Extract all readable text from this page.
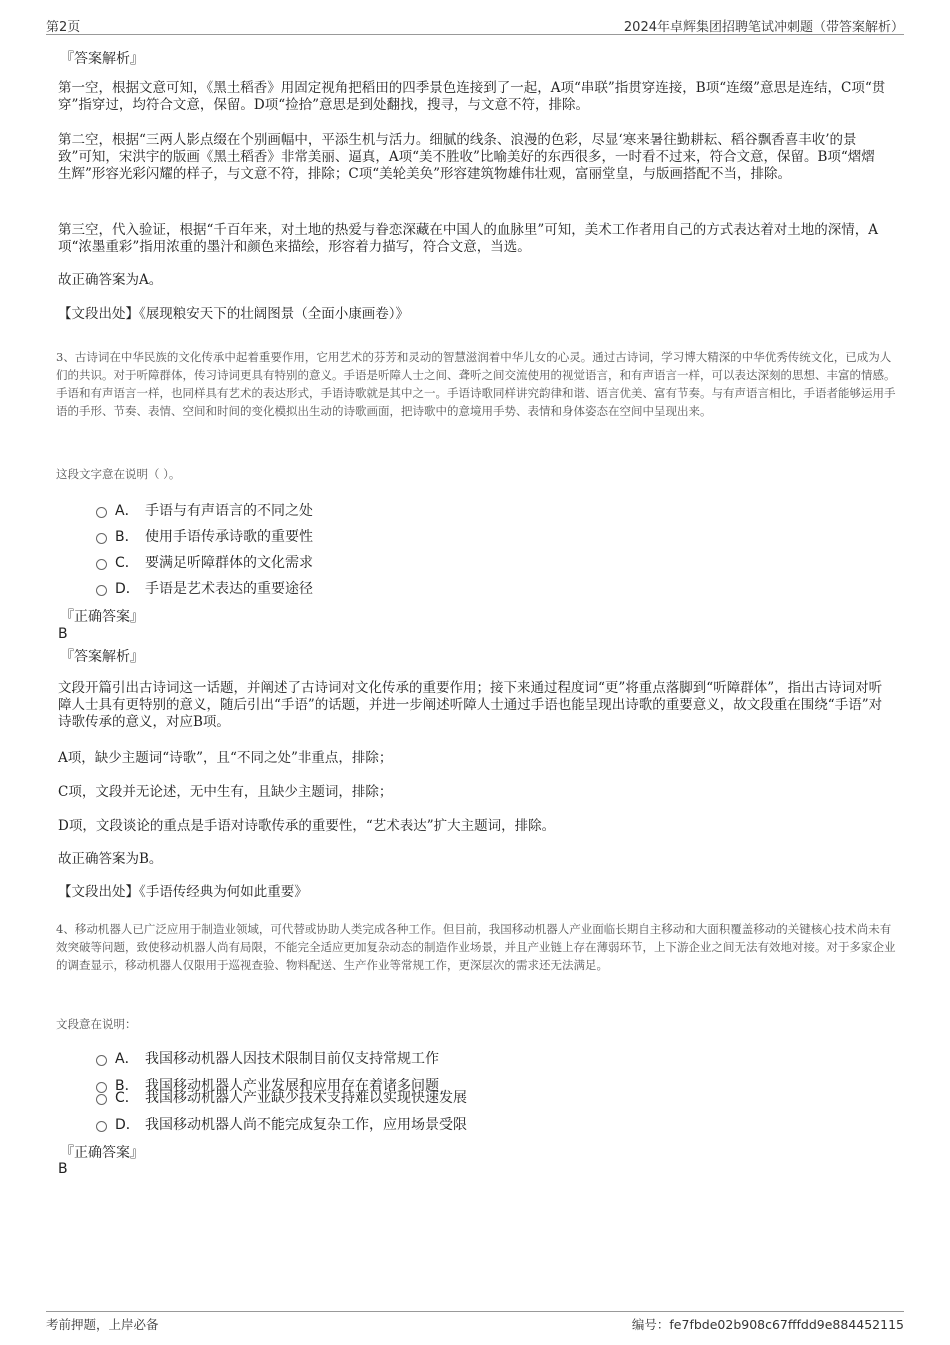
第2页	2024年卓辉集团招聘笔试冲刺题（带答案解析）
『答案解析』

第一空，根据文意可知，《黑土稻香》用固定视角把稻田的四季景色连接到了一起，A项“串联”指贯穿连接，B项“连缀”意思是连结，C项“贯穿”指穿过，均符合文意，保留。D项“捡拾”意思是到处翻找，搜寻，与文意不符，排除。

第二空，根据“三两人影点缀在个别画幅中，平添生机与活力。细腻的线条、浪漫的色彩，尽显‘寒来暑往勤耕耘、稻谷飘香喜丰收’的景致”可知，宋洪宇的版画《黑土稻香》非常美丽、逼真，A项“美不胜收”比喻美好的东西很多，一时看不过来，符合文意，保留。B项“熠熠生辉”形容光彩闪耀的样子，与文意不符，排除；C项“美轮美奂”形容建筑物雄伟壮观，富丽堂皇，与版画搭配不当，排除。

第三空，代入验证，根据“千百年来，对土地的热爱与眷恋深藏在中国人的血脉里”可知，美术工作者用自己的方式表达着对土地的深情，A项“浓墨重彩”指用浓重的墨汁和颜色来描绘，形容着力描写，符合文意，当选。

故正确答案为A。

【文段出处】《展现粮安天下的壮阔图景（全面小康画卷）》

3、古诗词在中华民族的文化传承中起着重要作用，它用艺术的芬芳和灵动的智慧滋润着中华儿女的心灵。通过古诗词，学习博大精深的中华优秀传统文化，已成为人们的共识。对于听障群体，传习诗词更具有特别的意义。手语是听障人士之间、聋听之间交流使用的视觉语言，和有声语言一样，可以表达深刻的思想、丰富的情感。手语和有声语言一样，也同样具有艺术的表达形式，手语诗歌就是其中之一。手语诗歌同样讲究韵律和谐、语言优美、富有节奏。与有声语言相比，手语者能够运用手语的手形、节奏、表情、空间和时间的变化模拟出生动的诗歌画面，把诗歌中的意境用手势、表情和身体姿态在空间中呈现出来。
这段文字意在说明（ ）。
A． 手语与有声语言的不同之处
B． 使用手语传承诗歌的重要性
C． 要满足听障群体的文化需求
D． 手语是艺术表达的重要途径
『正确答案』
B
『答案解析』

文段开篇引出古诗词这一话题，并阐述了古诗词对文化传承的重要作用；接下来通过程度词“更”将重点落脚到“听障群体”，指出古诗词对听障人士具有更特别的意义，随后引出“手语”的话题，并进一步阐述听障人士通过手语也能呈现出诗歌的重要意义，故文段重在围绕“手语”对诗歌传承的意义，对应B项。

A项，缺少主题词“诗歌”，且“不同之处”非重点，排除；

C项，文段并无论述，无中生有，且缺少主题词，排除；

D项，文段谈论的重点是手语对诗歌传承的重要性，“艺术表达”扩大主题词，排除。

故正确答案为B。

【文段出处】《手语传经典为何如此重要》

4、移动机器人已广泛应用于制造业领域，可代替或协助人类完成各种工作。但目前，我国移动机器人产业面临长期自主移动和大面积覆盖移动的关键核心技术尚未有效突破等问题，致使移动机器人尚有局限，不能完全适应更加复杂动态的制造作业场景，并且产业链上存在薄弱环节，上下游企业之间无法有效地对接。对于多家企业的调查显示，移动机器人仅限用于巡视查验、物料配送、生产作业等常规工作，更深层次的需求还无法满足。
文段意在说明：
A． 我国移动机器人因技术限制目前仅支持常规工作
B． 我国移动机器人产业发展和应用存在着诸多问题
C． 我国移动机器人产业缺少技术支持难以实现快速发展
D． 我国移动机器人尚不能完成复杂工作，应用场景受限
『正确答案』
B
考前押题，上岸必备	编号：fe7fbde02b908c67fffdd9e884452115
